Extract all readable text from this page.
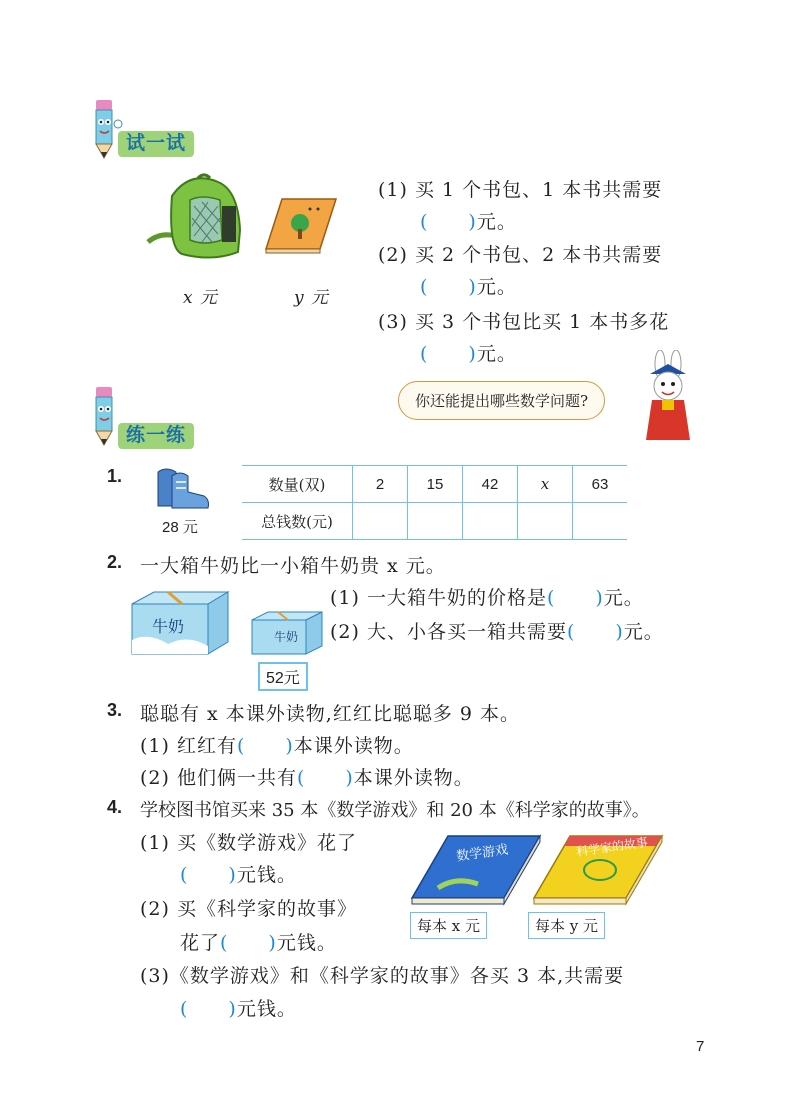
试一试
x 元	y 元
(1) 买 1 个书包、1 本书共需要
(　　)元。
(2) 买 2 个书包、2 本书共需要
(　　)元。
(3) 买 3 个书包比买 1 本书多花
(　　)元。
你还能提出哪些数学问题?
练一练
1.
28 元
数量(双)	2	15	42	x	63
总钱数(元)					
2. 一大箱牛奶比一小箱牛奶贵 x 元。
牛奶
牛奶
52元
(1) 一大箱牛奶的价格是(　　)元。
(2) 大、小各买一箱共需要(　　)元。
3. 聪聪有 x 本课外读物,红红比聪聪多 9 本。
(1) 红红有(　　)本课外读物。
(2) 他们俩一共有(　　)本课外读物。
4. 学校图书馆买来 35 本《数学游戏》和 20 本《科学家的故事》。
(1) 买《数学游戏》花了
(　　)元钱。
(2) 买《科学家的故事》
花了(　　)元钱。
(3)《数学游戏》和《科学家的故事》各买 3 本,共需要
(　　)元钱。
数学游戏	科学家的故事
每本 x 元	每本 y 元
7
